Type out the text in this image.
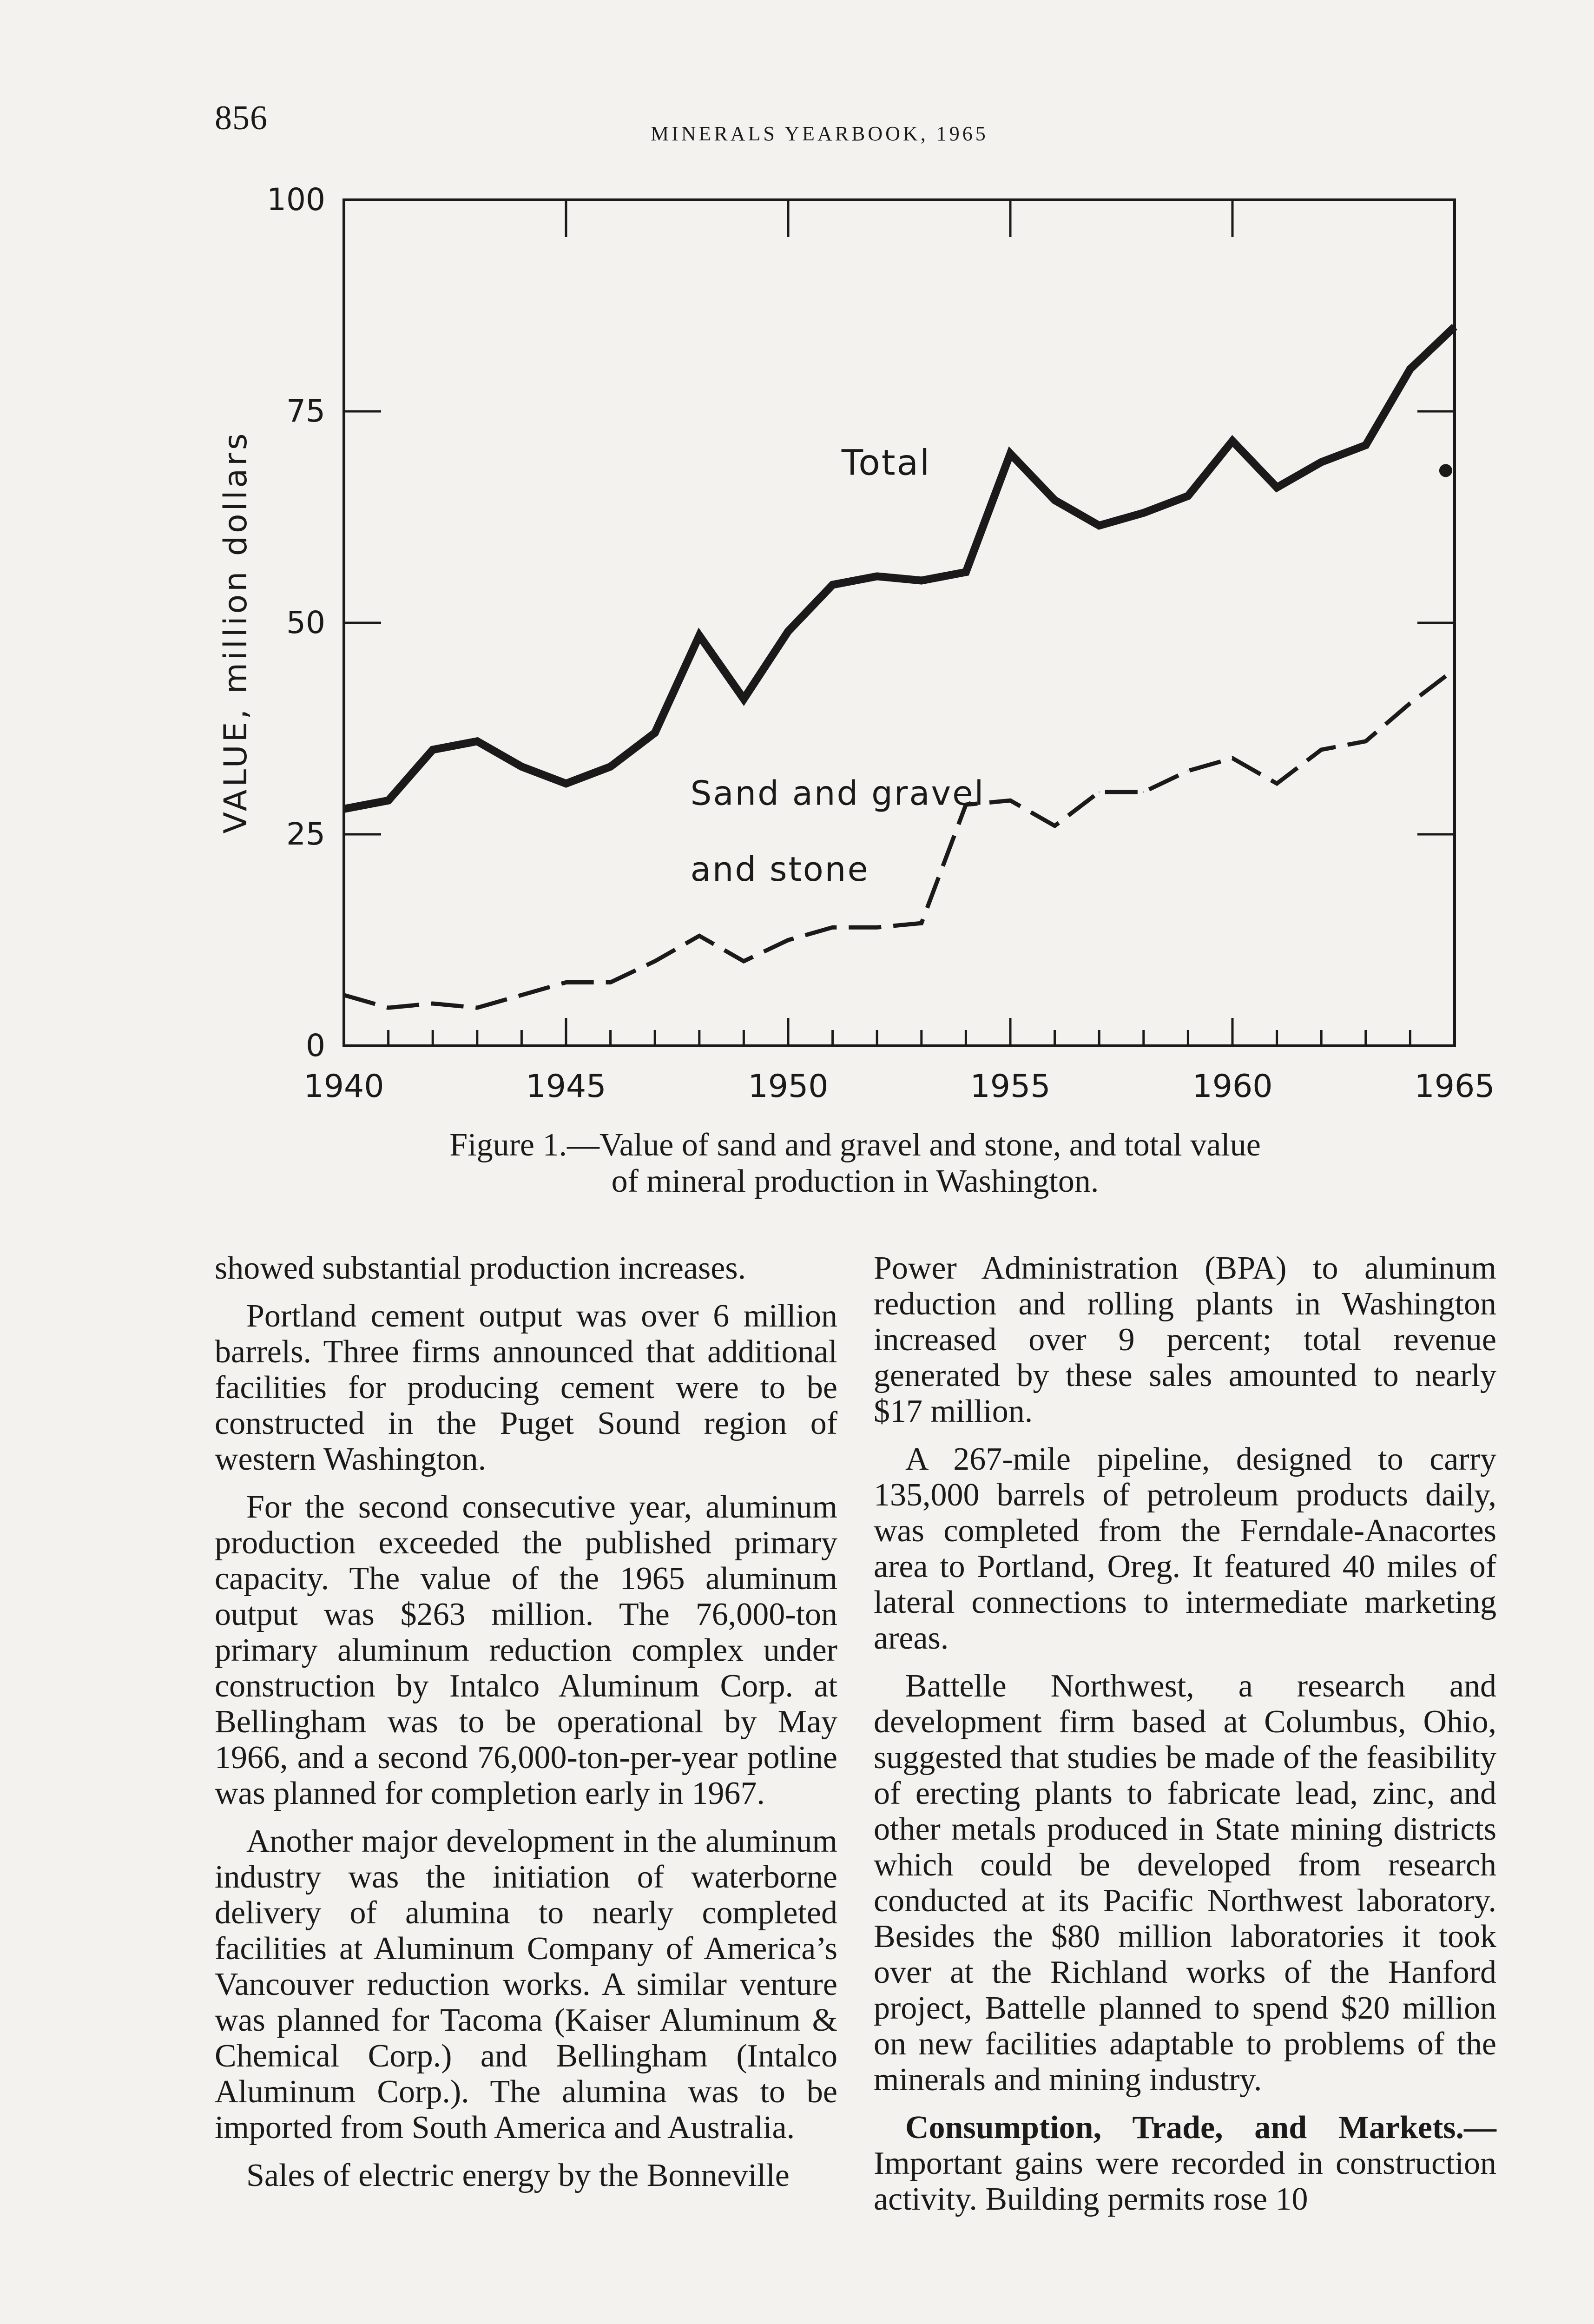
856	MINERALS YEARBOOK, 1965
0
25
50
75
100
1940	1945	1950	1955	1960	1965
VALUE, million dollars	Total
Sand and gravel
and stone
Figure 1.—Value of sand and gravel and stone, and total value
of mineral production in Washington.

showed substantial production increases.

Portland cement output was over 6 million barrels. Three firms announced that additional facilities for producing cement were to be constructed in the Puget Sound region of western Washington.

For the second consecutive year, aluminum production exceeded the published primary capacity. The value of the 1965 aluminum output was $263 million. The 76,000-ton primary aluminum reduction complex under construction by Intalco Aluminum Corp. at Bellingham was to be operational by May 1966, and a second 76,000-ton-per-year potline was planned for completion early in 1967.

Another major development in the aluminum industry was the initiation of waterborne delivery of alumina to nearly completed facilities at Aluminum Company of America’s Vancouver reduction works. A similar venture was planned for Tacoma (Kaiser Aluminum & Chemical Corp.) and Bellingham (Intalco Aluminum Corp.). The alumina was to be imported from South America and Australia.

Sales of electric energy by the Bonneville

Power Administration (BPA) to aluminum reduction and rolling plants in Washington increased over 9 percent; total revenue generated by these sales amounted to nearly $17 million.

A 267-mile pipeline, designed to carry 135,000 barrels of petroleum products daily, was completed from the Ferndale-Anacortes area to Portland, Oreg. It featured 40 miles of lateral connections to intermediate marketing areas.

Battelle Northwest, a research and development firm based at Columbus, Ohio, suggested that studies be made of the feasibility of erecting plants to fabricate lead, zinc, and other metals produced in State mining districts which could be developed from research conducted at its Pacific Northwest laboratory. Besides the $80 million laboratories it took over at the Richland works of the Hanford project, Battelle planned to spend $20 million on new facilities adaptable to problems of the minerals and mining industry.

Consumption, Trade, and Markets.—Important gains were recorded in construction activity. Building permits rose 10
